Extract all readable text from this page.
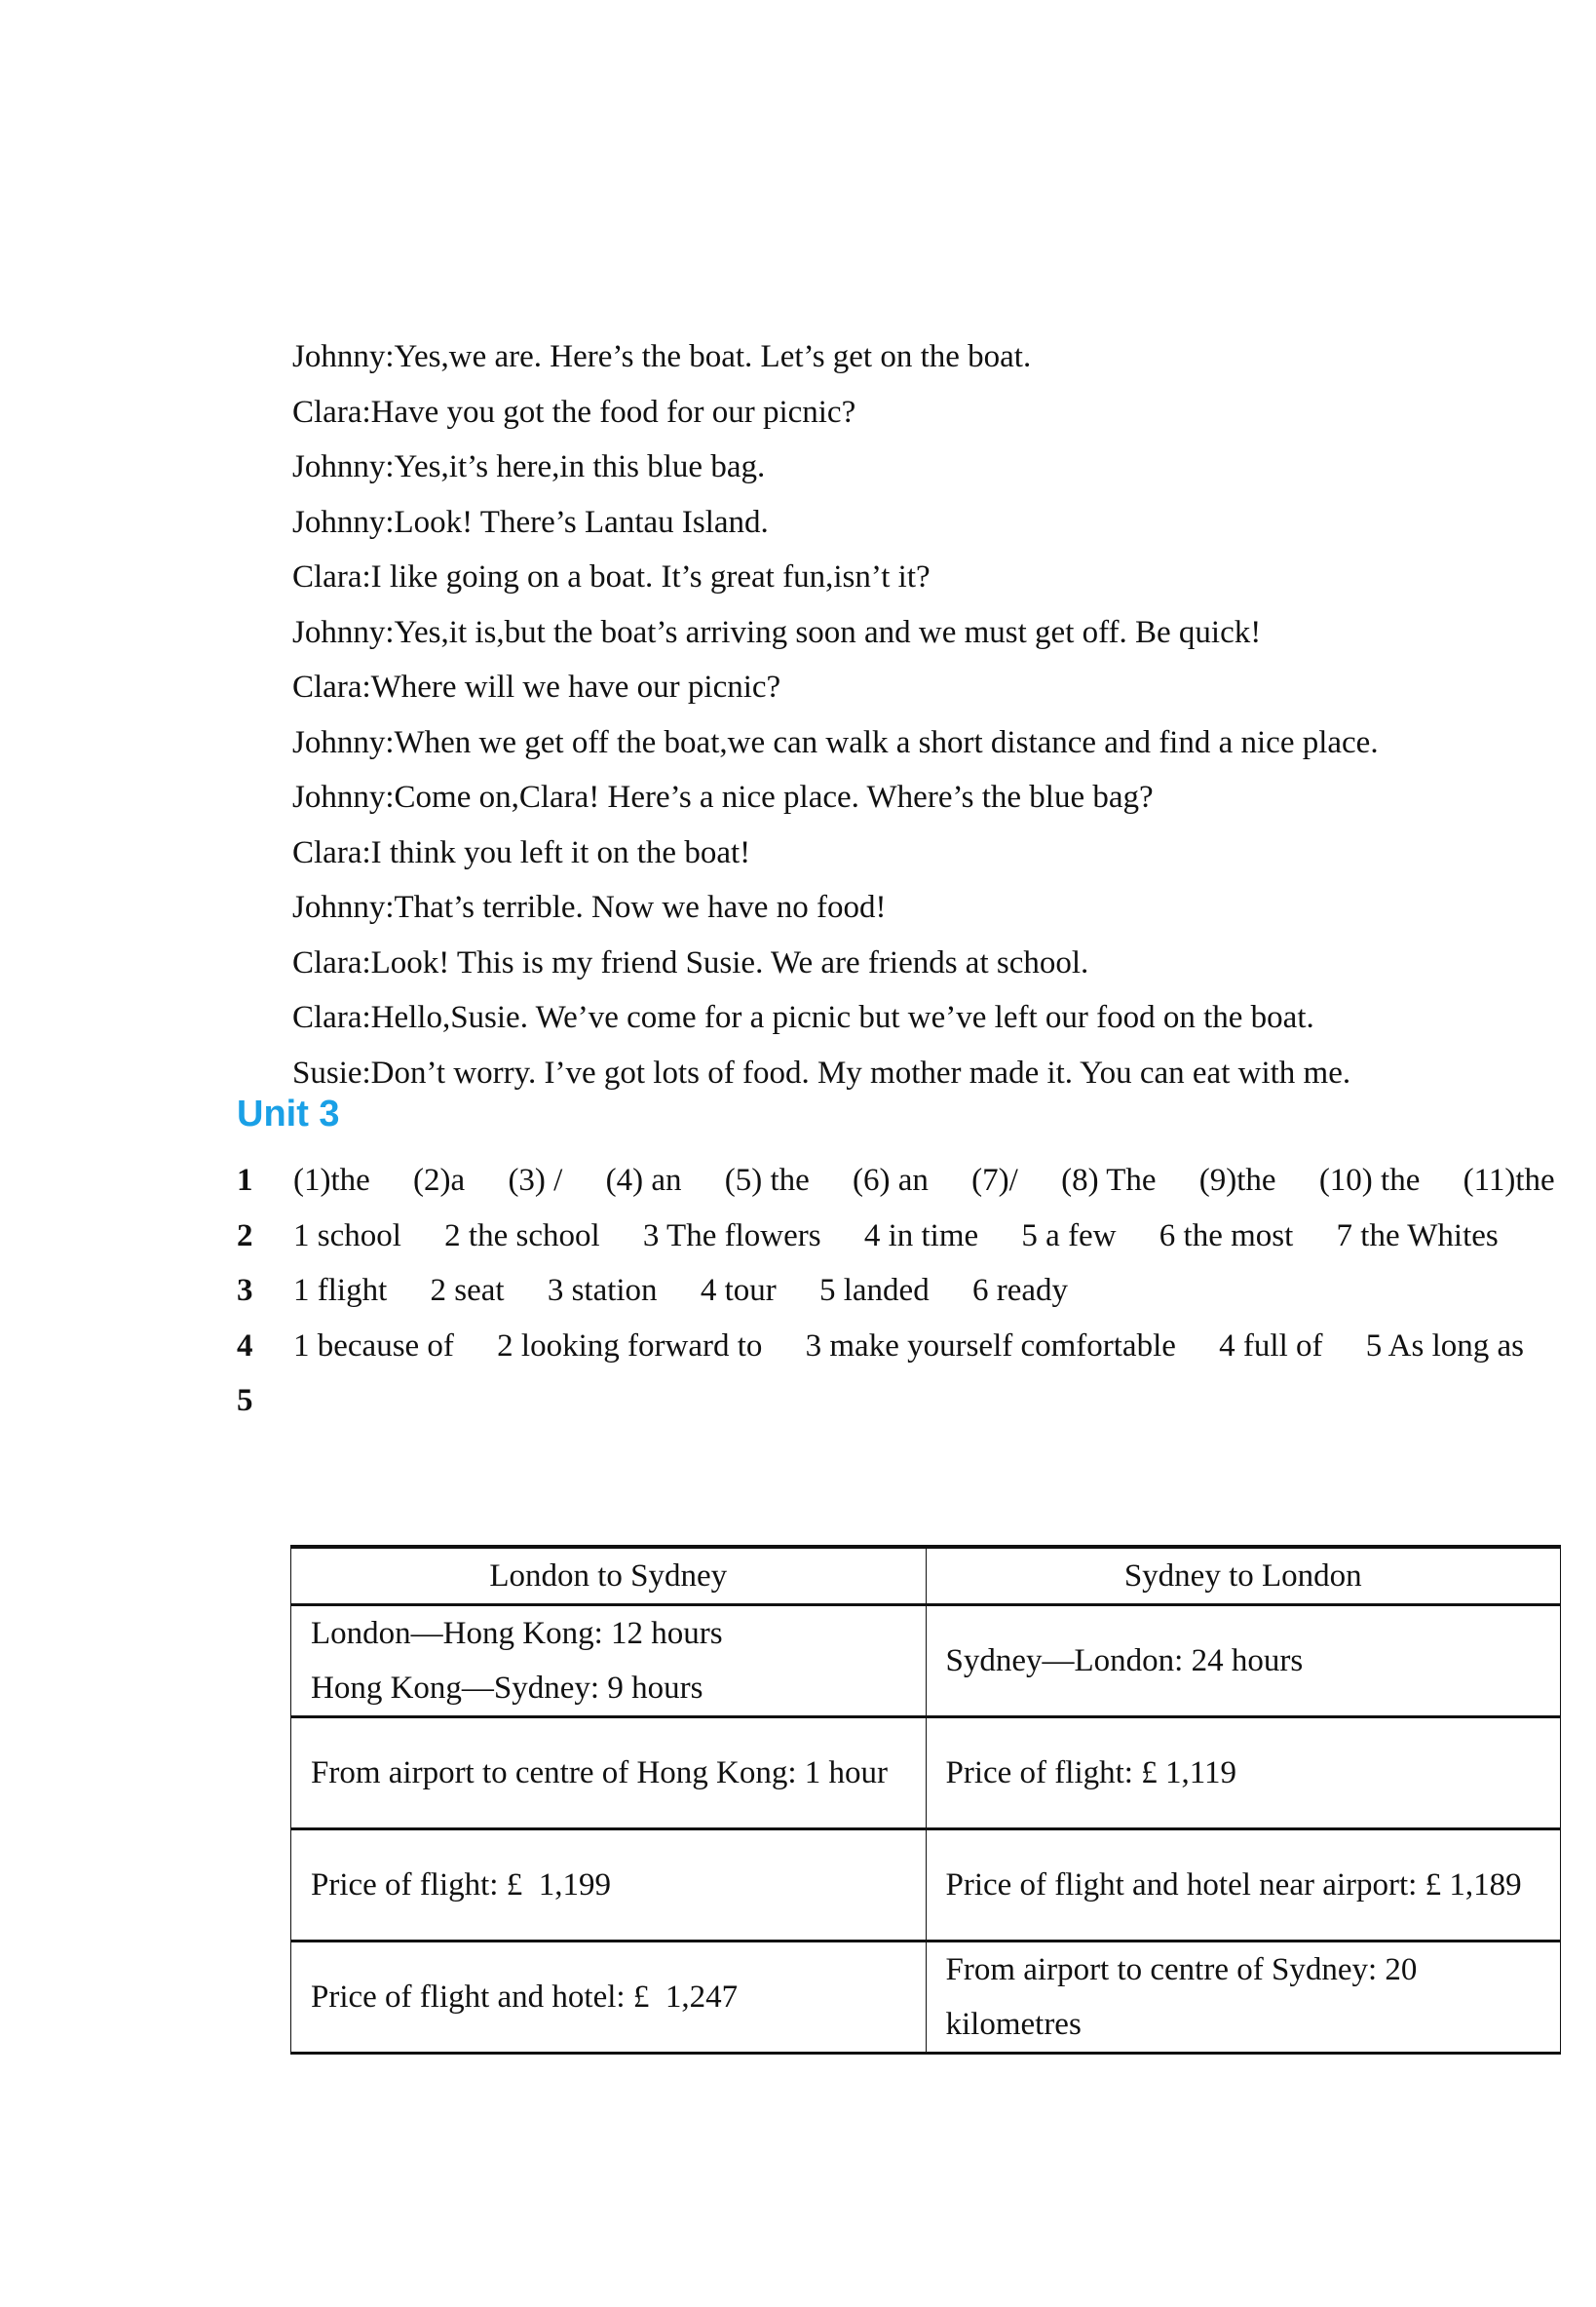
Johnny:Yes,we are. Here’s the boat. Let’s get on the boat.
Clara:Have you got the food for our picnic?
Johnny:Yes,it’s here,in this blue bag.
Johnny:Look! There’s Lantau Island.
Clara:I like going on a boat. It’s great fun,isn’t it?
Johnny:Yes,it is,but the boat’s arriving soon and we must get off. Be quick!
Clara:Where will we have our picnic?
Johnny:When we get off the boat,we can walk a short distance and find a nice place.
Johnny:Come on,Clara! Here’s a nice place. Where’s the blue bag?
Clara:I think you left it on the boat!
Johnny:That’s terrible. Now we have no food!
Clara:Look! This is my friend Susie. We are friends at school.
Clara:Hello,Susie. We’ve come for a picnic but we’ve left our food on the boat.
Susie:Don’t worry. I’ve got lots of food. My mother made it. You can eat with me.
Unit 3
1	(1)the (2)a (3) / (4) an (5) the (6) an (7)/ (8) The (9)the (10) the (11)the
2	1 school 2 the school 3 The flowers 4 in time 5 a few 6 the most 7 the Whites
3	1 flight 2 seat 3 station 4 tour 5 landed 6 ready
4	1 because of 2 looking forward to 3 make yourself comfortable 4 full of 5 As long as
5
London to Sydney	Sydney to London

London—Hong Kong: 12 hours
Hong Kong—Sydney: 9 hours	Sydney—London: 24 hours

From airport to centre of Hong Kong: 1 hour	Price of flight: £ 1,119

Price of flight: £  1,199	Price of flight and hotel near airport: £ 1,189

Price of flight and hotel: £  1,247	From airport to centre of Sydney: 20 kilometres
